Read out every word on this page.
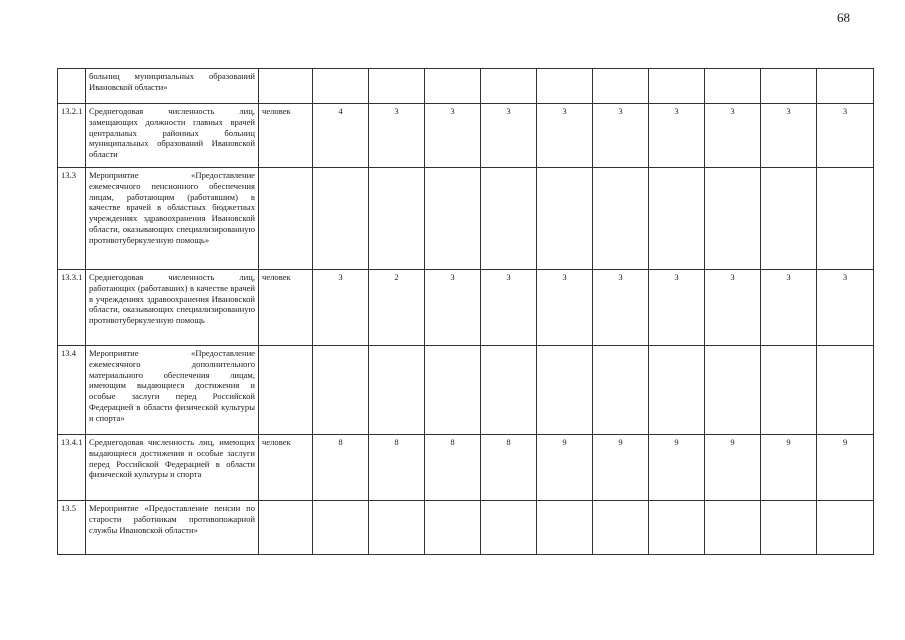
68
	больниц муниципальных образований Ивановской области»											
13.2.1	Среднегодовая численность лиц, замещающих должности главных врачей центральных районных больниц муниципальных образований Ивановской области	человек	4	3	3	3	3	3	3	3	3	3
13.3	Мероприятие «Предоставление ежемесячного пенсионного обеспечения лицам, работающим (работавшим) в качестве врачей в областных бюджетных учреждениях здравоохранения Ивановской области, оказывающих специализированную противотуберкулезную помощь»											
13.3.1	Среднегодовая численность лиц, работающих (работавших) в качестве врачей в учреждениях здравоохранения Ивановской области, оказывающих специализированную противотуберкулезную помощь	человек	3	2	3	3	3	3	3	3	3	3
13.4	Мероприятие «Предоставление ежемесячного дополнительного материального обеспечения лицам, имеющим выдающиеся достижения и особые заслуги перед Российской Федерацией в области физической культуры и спорта»											
13.4.1	Среднегодовая численность лиц, имеющих выдающиеся достижения и особые заслуги перед Российской Федерацией в области физической культуры и спорта	человек	8	8	8	8	9	9	9	9	9	9
13.5	Мероприятие «Предоставление пенсии по старости работникам противопожарной службы Ивановской области»											
